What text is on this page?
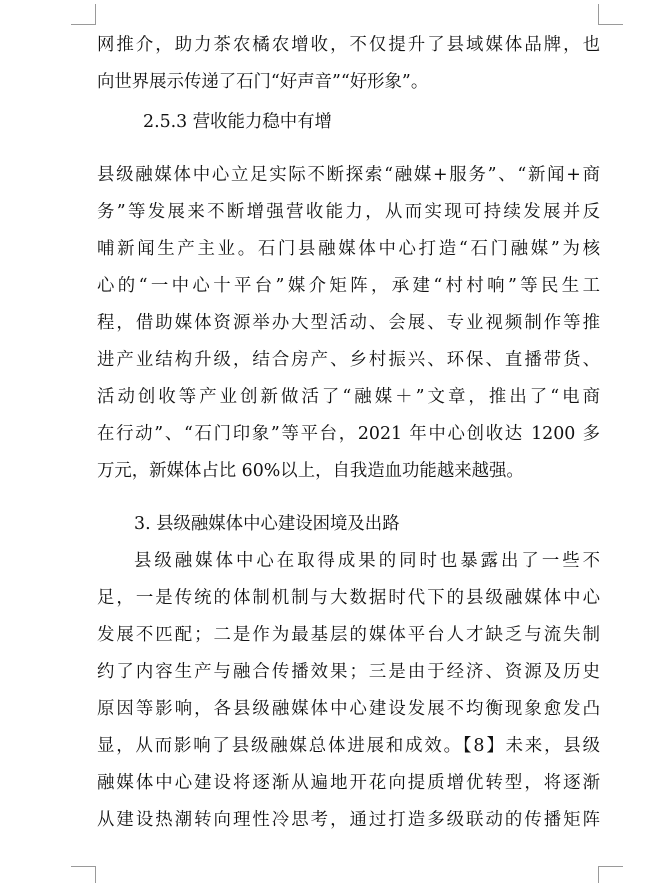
网推介，助力茶农橘农增收，不仅提升了县域媒体品牌，也
向世界展示传递了石门“好声音”“好形象”。
2.5.3 营收能力稳中有增
县级融媒体中心立足实际不断探索“融媒+服务”、“新闻+商
务”等发展来不断增强营收能力，从而实现可持续发展并反
哺新闻生产主业。石门县融媒体中心打造“石门融媒”为核
心的“一中心十平台”媒介矩阵，承建“村村响”等民生工
程，借助媒体资源举办大型活动、会展、专业视频制作等推
进产业结构升级，结合房产、乡村振兴、环保、直播带货、
活动创收等产业创新做活了“融媒＋”文章，推出了“电商
在行动”、“石门印象”等平台，2021 年中心创收达 1200 多
万元，新媒体占比 60%以上，自我造血功能越来越强。
3. 县级融媒体中心建设困境及出路
县级融媒体中心在取得成果的同时也暴露出了一些不
足，一是传统的体制机制与大数据时代下的县级融媒体中心
发展不匹配；二是作为最基层的媒体平台人才缺乏与流失制
约了内容生产与融合传播效果；三是由于经济、资源及历史
原因等影响，各县级融媒体中心建设发展不均衡现象愈发凸
显，从而影响了县级融媒总体进展和成效。【8】未来，县级
融媒体中心建设将逐渐从遍地开花向提质增优转型，将逐渐
从建设热潮转向理性冷思考，通过打造多级联动的传播矩阵
